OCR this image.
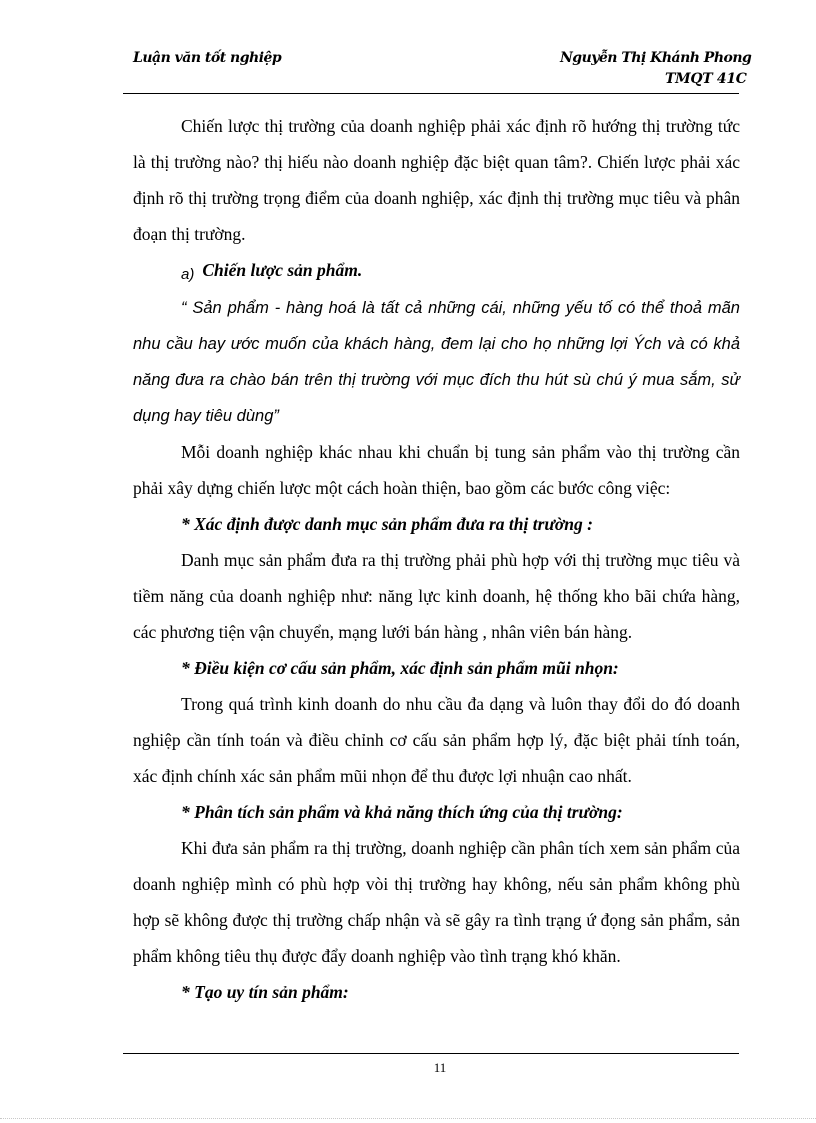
Luận văn tốt nghiệp	Nguyễn Thị Khánh Phong
TMQT 41C

Chiến lược thị trường của doanh nghiệp phải xác định rõ hướng thị trường tức là thị trường nào? thị hiếu nào doanh nghiệp đặc biệt quan tâm?. Chiến lược phải xác định rõ thị trường trọng điểm của doanh nghiệp, xác định thị trường mục tiêu và phân đoạn thị trường.

a) Chiến lược sản phẩm.

“ Sản phẩm - hàng hoá là tất cả những cái, những yếu tố có thể thoả mãn nhu cầu hay ước muốn của khách hàng, đem lại cho họ những lợi Ých và có khả năng đưa ra chào bán trên thị trường với mục đích thu hút sù chú ý mua sắm, sử dụng hay tiêu dùng”

Mỗi doanh nghiệp khác nhau khi chuẩn bị tung sản phẩm vào thị trường cần phải xây dựng chiến lược một cách hoàn thiện, bao gồm các bước công việc:

* Xác định được danh mục sản phẩm đưa ra thị trường :

Danh mục sản phẩm đưa ra thị trường phải phù hợp với thị trường mục tiêu và tiềm năng của doanh nghiệp như: năng lực kinh doanh, hệ thống kho bãi chứa hàng, các phương tiện vận chuyển, mạng lưới bán hàng , nhân viên bán hàng.

* Điều kiện cơ cấu sản phẩm, xác định sản phẩm mũi nhọn:

Trong quá trình kinh doanh do nhu cầu đa dạng và luôn thay đổi do đó doanh nghiệp cần tính toán và điều chỉnh cơ cấu sản phẩm hợp lý, đặc biệt phải tính toán, xác định chính xác sản phẩm mũi nhọn để thu được lợi nhuận cao nhất.

* Phân tích sản phẩm và khả năng thích ứng của thị trường:

Khi đưa sản phẩm ra thị trường, doanh nghiệp cần phân tích xem sản phẩm của doanh nghiệp mình có phù hợp vòi thị trường hay không, nếu sản phẩm không phù hợp sẽ không được thị trường chấp nhận và sẽ gây ra tình trạng ứ đọng sản phẩm, sản phẩm không tiêu thụ được đẩy doanh nghiệp vào tình trạng khó khăn.

* Tạo uy tín sản phẩm:

11
